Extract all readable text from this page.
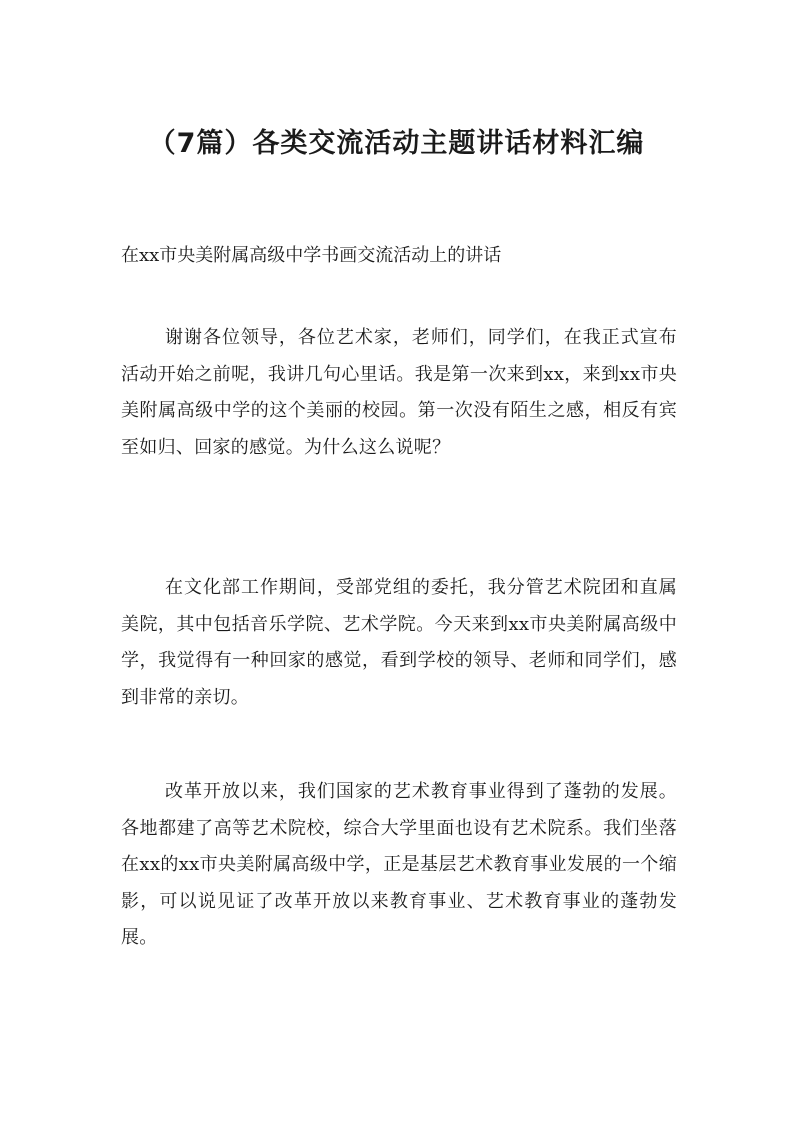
（7篇）各类交流活动主题讲话材料汇编

在xx市央美附属高级中学书画交流活动上的讲话

谢谢各位领导，各位艺术家，老师们，同学们，在我正式宣布活动开始之前呢，我讲几句心里话。我是第一次来到xx，来到xx市央美附属高级中学的这个美丽的校园。第一次没有陌生之感，相反有宾至如归、回家的感觉。为什么这么说呢？

在文化部工作期间，受部党组的委托，我分管艺术院团和直属美院，其中包括音乐学院、艺术学院。今天来到xx市央美附属高级中学，我觉得有一种回家的感觉，看到学校的领导、老师和同学们，感到非常的亲切。

改革开放以来，我们国家的艺术教育事业得到了蓬勃的发展。各地都建了高等艺术院校，综合大学里面也设有艺术院系。我们坐落在xx的xx市央美附属高级中学，正是基层艺术教育事业发展的一个缩影，可以说见证了改革开放以来教育事业、艺术教育事业的蓬勃发展。
